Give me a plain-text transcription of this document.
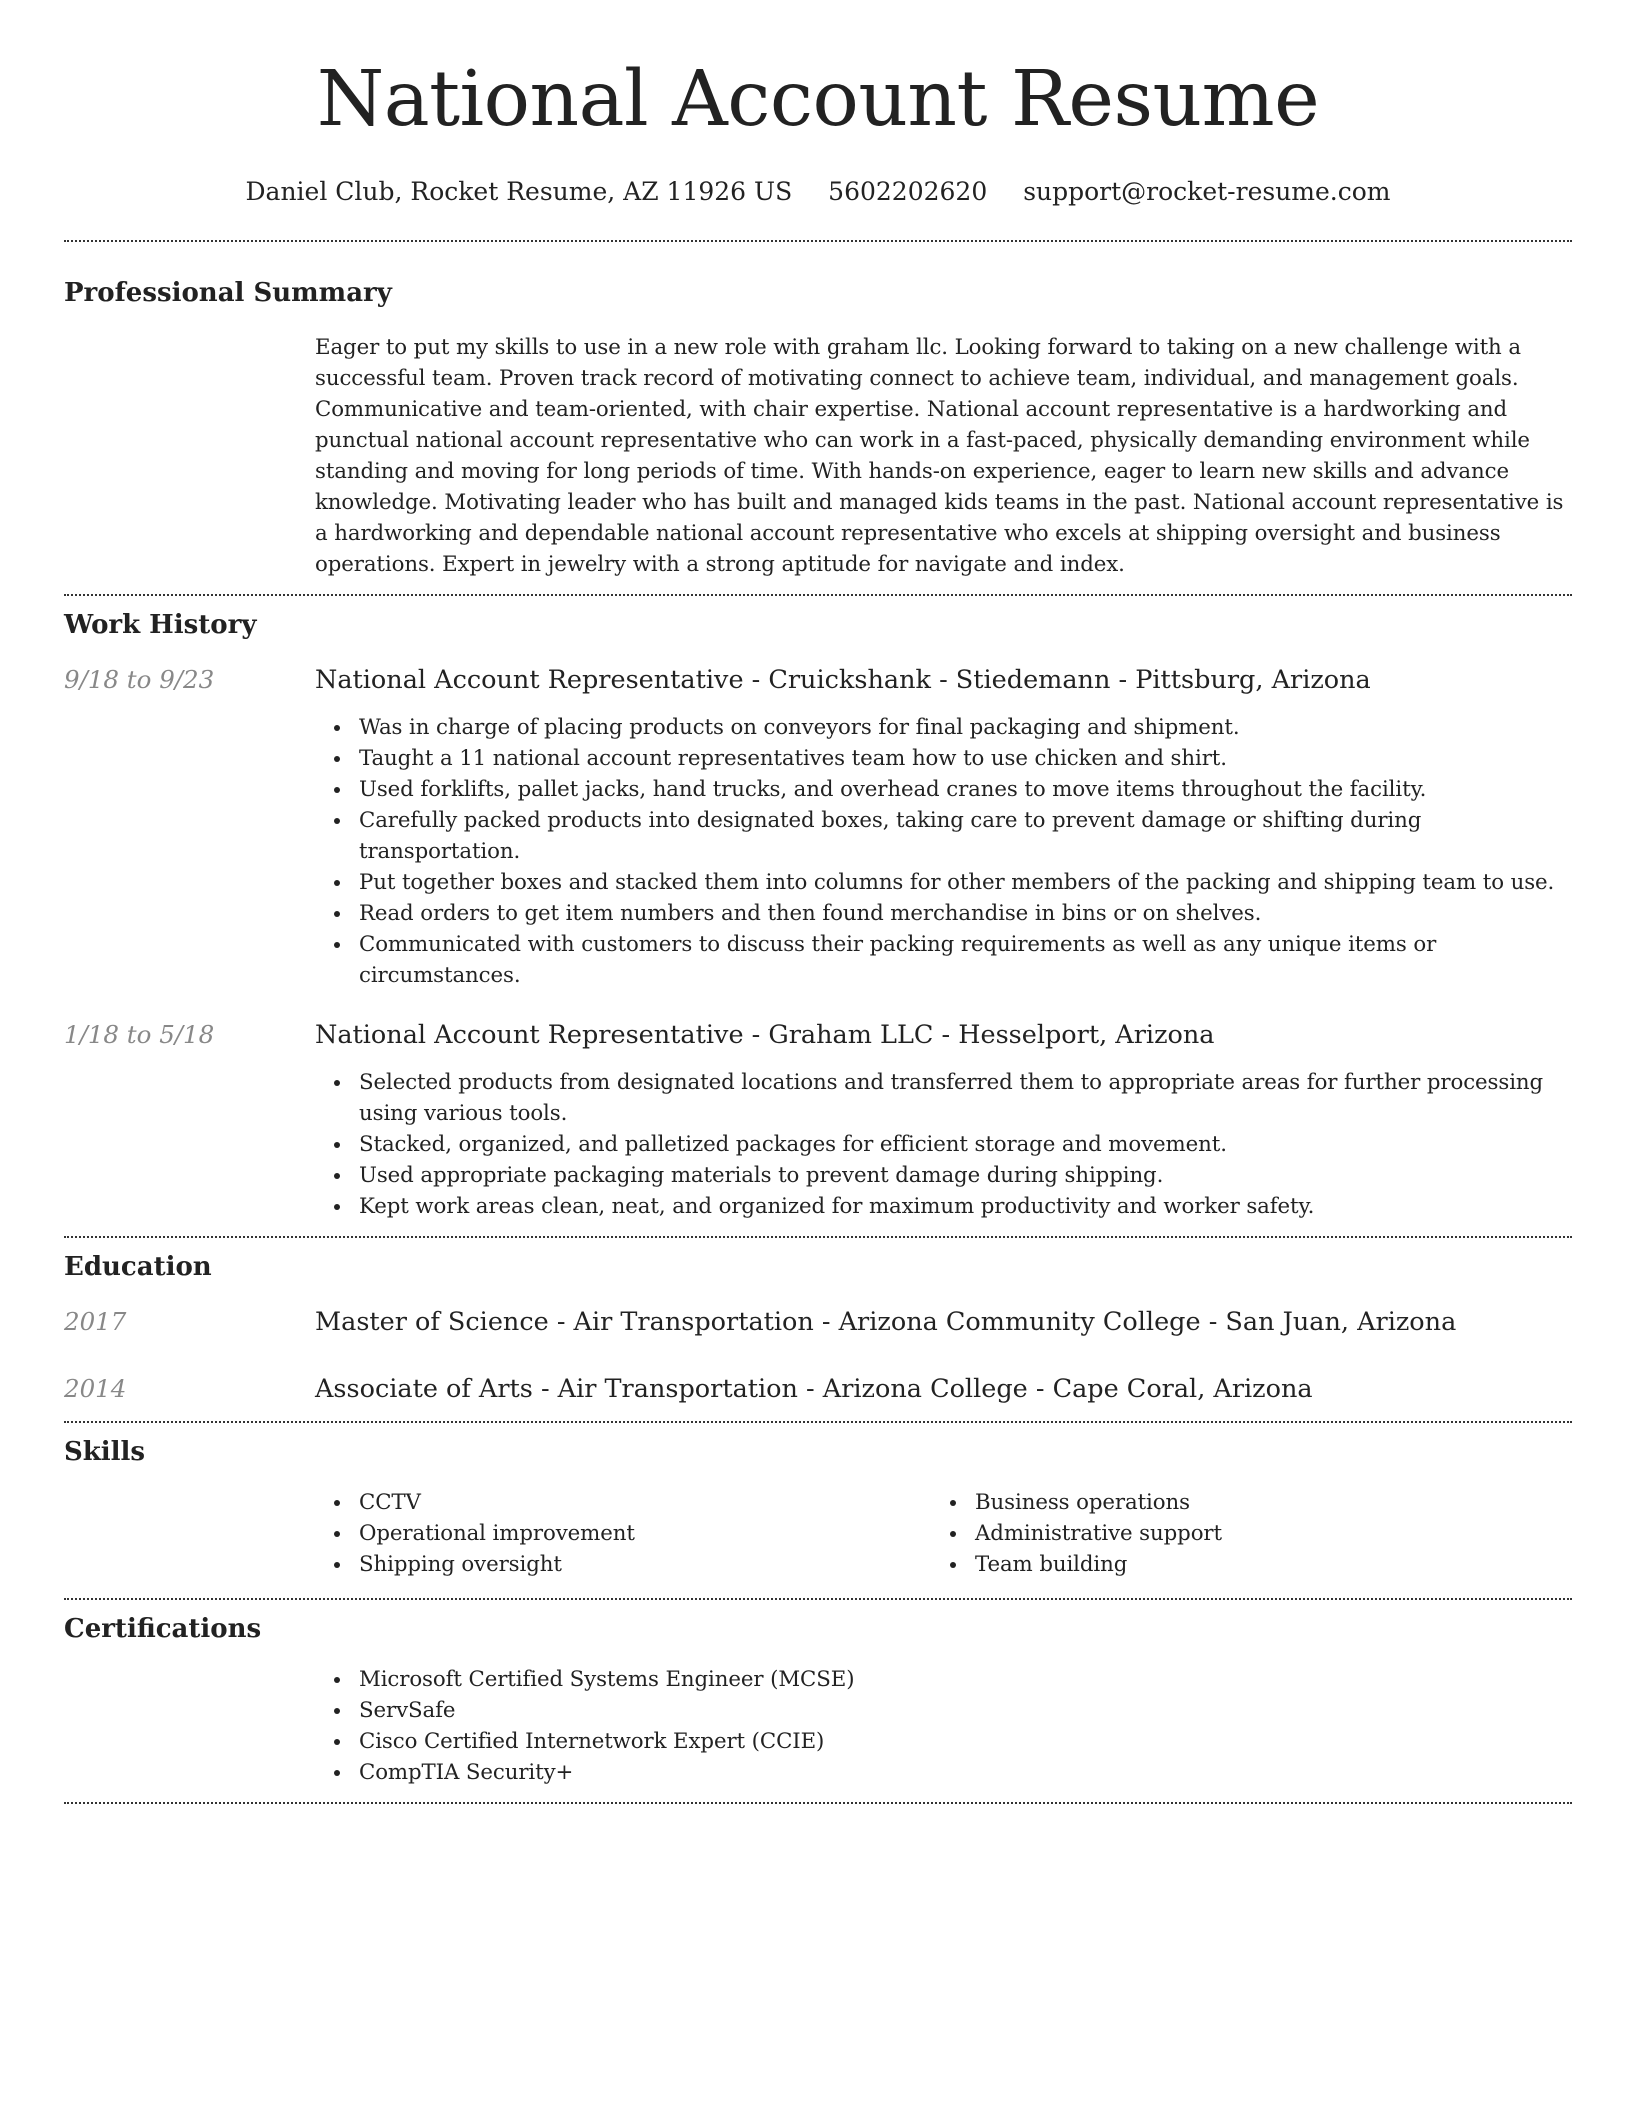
National Account Resume
Daniel Club, Rocket Resume, AZ 11926 US 5602202620 support@rocket-resume.com
Professional Summary
Eager to put my skills to use in a new role with graham llc. Looking forward to taking on a new challenge with a successful team. Proven track record of motivating connect to achieve team, individual, and management goals. Communicative and team-oriented, with chair expertise. National account representative is a hardworking and punctual national account representative who can work in a fast-paced, physically demanding environment while standing and moving for long periods of time. With hands-on experience, eager to learn new skills and advance knowledge. Motivating leader who has built and managed kids teams in the past. National account representative is a hardworking and dependable national account representative who excels at shipping oversight and business operations. Expert in jewelry with a strong aptitude for navigate and index.
Work History
9/18 to 9/23	National Account Representative - Cruickshank - Stiedemann - Pittsburg, Arizona
Was in charge of placing products on conveyors for final packaging and shipment.
Taught a 11 national account representatives team how to use chicken and shirt.
Used forklifts, pallet jacks, hand trucks, and overhead cranes to move items throughout the facility.
Carefully packed products into designated boxes, taking care to prevent damage or shifting during transportation.
Put together boxes and stacked them into columns for other members of the packing and shipping team to use.
Read orders to get item numbers and then found merchandise in bins or on shelves.
Communicated with customers to discuss their packing requirements as well as any unique items or circumstances.
1/18 to 5/18	National Account Representative - Graham LLC - Hesselport, Arizona
Selected products from designated locations and transferred them to appropriate areas for further processing using various tools.
Stacked, organized, and palletized packages for efficient storage and movement.
Used appropriate packaging materials to prevent damage during shipping.
Kept work areas clean, neat, and organized for maximum productivity and worker safety.
Education
2017	Master of Science - Air Transportation - Arizona Community College - San Juan, Arizona
2014	Associate of Arts - Air Transportation - Arizona College - Cape Coral, Arizona
Skills
CCTV
Operational improvement
Shipping oversight
Business operations
Administrative support
Team building
Certifications
Microsoft Certified Systems Engineer (MCSE)
ServSafe
Cisco Certified Internetwork Expert (CCIE)
CompTIA Security+
